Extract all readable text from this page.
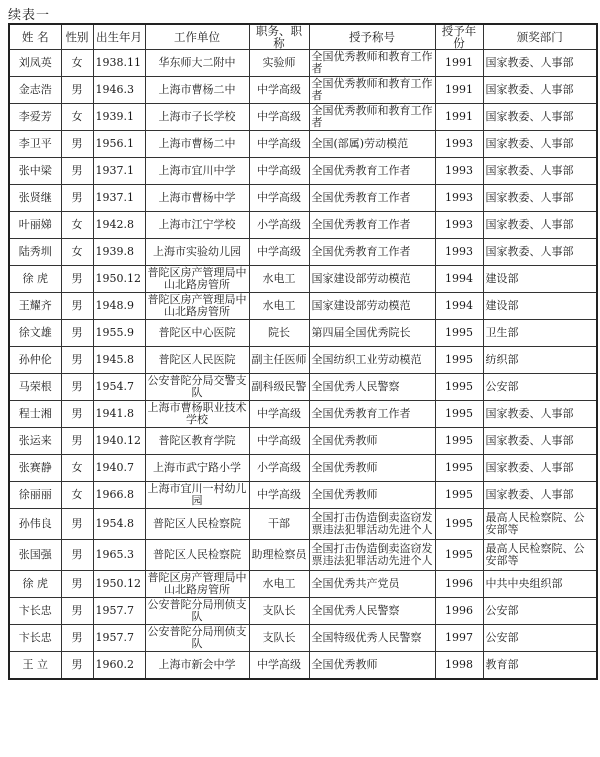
续表一
姓 名	性别	出生年月	工作单位	职务、职称	授予称号	授予年份	颁奖部门
刘凤英	女	1938.11	华东师大二附中	实验师	全国优秀教师和教育工作者	1991	国家教委、人事部
金志浩	男	1946.3	上海市曹杨二中	中学高级	全国优秀教师和教育工作者	1991	国家教委、人事部
李爱芳	女	1939.1	上海市子长学校	中学高级	全国优秀教师和教育工作者	1991	国家教委、人事部
李卫平	男	1956.1	上海市曹杨二中	中学高级	全国(部属)劳动模范	1993	国家教委、人事部
张中梁	男	1937.1	上海市宜川中学	中学高级	全国优秀教育工作者	1993	国家教委、人事部
张贤继	男	1937.1	上海市曹杨中学	中学高级	全国优秀教育工作者	1993	国家教委、人事部
叶丽娣	女	1942.8	上海市江宁学校	小学高级	全国优秀教育工作者	1993	国家教委、人事部
陆秀圳	女	1939.8	上海市实验幼儿园	中学高级	全国优秀教育工作者	1993	国家教委、人事部
徐 虎	男	1950.12	普陀区房产管理局中山北路房管所	水电工	国家建设部劳动模范	1994	建设部
王耀齐	男	1948.9	普陀区房产管理局中山北路房管所	水电工	国家建设部劳动模范	1994	建设部
徐文雄	男	1955.9	普陀区中心医院	院长	第四届全国优秀院长	1995	卫生部
孙仲伦	男	1945.8	普陀区人民医院	副主任医师	全国纺织工业劳动模范	1995	纺织部
马荣根	男	1954.7	公安普陀分局交警支队	副科级民警	全国优秀人民警察	1995	公安部
程士湘	男	1941.8	上海市曹杨职业技术学校	中学高级	全国优秀教育工作者	1995	国家教委、人事部
张运来	男	1940.12	普陀区教育学院	中学高级	全国优秀教师	1995	国家教委、人事部
张赛静	女	1940.7	上海市武宁路小学	小学高级	全国优秀教师	1995	国家教委、人事部
徐丽丽	女	1966.8	上海市宜川一村幼儿园	中学高级	全国优秀教师	1995	国家教委、人事部
孙伟良	男	1954.8	普陀区人民检察院	干部	全国打击伪造倒卖盗窃发票违法犯罪活动先进个人	1995	最高人民检察院、公安部等
张国强	男	1965.3	普陀区人民检察院	助理检察员	全国打击伪造倒卖盗窃发票违法犯罪活动先进个人	1995	最高人民检察院、公安部等
徐 虎	男	1950.12	普陀区房产管理局中山北路房管所	水电工	全国优秀共产党员	1996	中共中央组织部
卞长忠	男	1957.7	公安普陀分局刑侦支队	支队长	全国优秀人民警察	1996	公安部
卞长忠	男	1957.7	公安普陀分局刑侦支队	支队长	全国特级优秀人民警察	1997	公安部
王 立	男	1960.2	上海市新会中学	中学高级	全国优秀教师	1998	教育部
